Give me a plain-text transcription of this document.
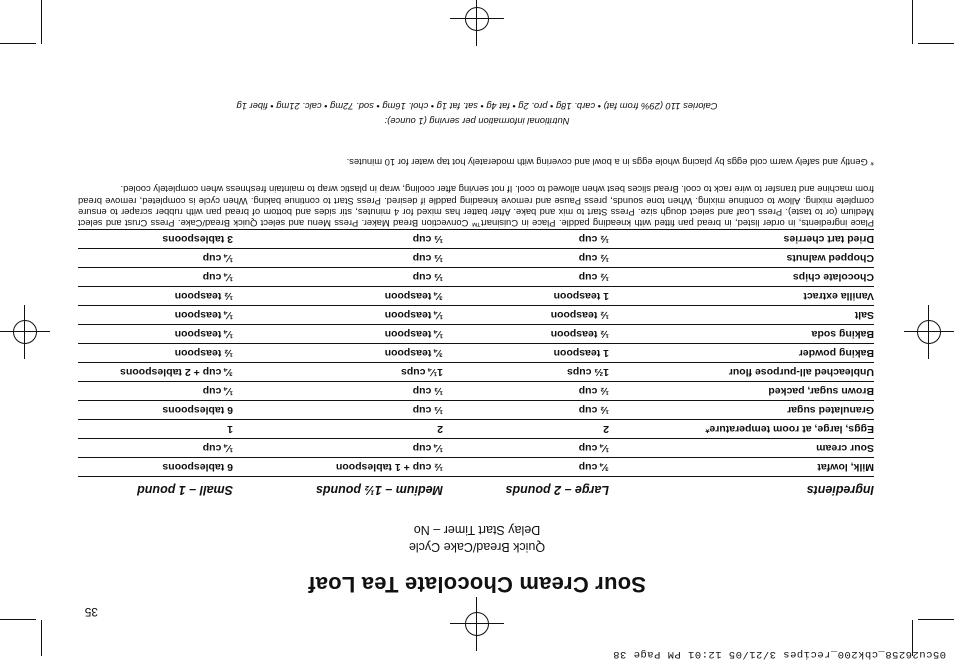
05cu26258_cbk200_recipes 3/21/05 12:01 PM Page 38
35
Sour Cream Chocolate Tea Loaf
Quick Bread/Cake Cycle
Delay Start Timer – No
Ingredients
Large – 2 pounds
Medium – 1½ pounds
Small – 1 pound
Milk, lowfat
¾ cup
½ cup + 1 tablespoon
6 tablespoons
Sour cream
¼ cup
¼ cup
¼ cup
Eggs, large, at room temperature*
2
2
1
Granulated sugar
½ cup
⅓ cup
6 tablespoons
Brown sugar, packed
½ cup
⅓ cup
¼ cup
Unbleached all-purpose flour
1⅔ cups
1¼ cups
¾ cup + 2 tablespoons
Baking powder
1 teaspoon
¾ teaspoon
½ teaspoon
Baking soda
½ teaspoon
¼ teaspoon
¼ teaspoon
Salt
½ teaspoon
¼ teaspoon
¼ teaspoon
Vanilla extract
1 teaspoon
¾ teaspoon
½ teaspoon
Chocolate chips
½ cup
⅓ cup
¼ cup
Chopped walnuts
½ cup
⅓ cup
¼ cup
Dried tart cherries
½ cup
⅓ cup
3 tablespoons
Place ingredients, in order listed, in bread pan fitted with kneading paddle. Place in Cuisinart™ Convection Bread Maker. Press Menu and select Quick Bread/Cake. Press Crust and select Medium (or to taste). Press Loaf and select dough size. Press Start to mix and bake. After batter has mixed for 4 minutes, stir sides and bottom of bread pan with rubber scraper to ensure complete mixing. Allow to continue mixing. When tone sounds, press Pause and remove kneading paddle if desired. Press Start to continue baking. When cycle is completed, remove bread from machine and transfer to wire rack to cool. Bread slices best when allowed to cool. If not serving after cooling, wrap in plastic wrap to maintain freshness when completely cooled.
* Gently and safely warm cold eggs by placing whole eggs in a bowl and covering with moderately hot tap water for 10 minutes.
Nutritional information per serving (1 ounce):
Calories 110 (29% from fat) • carb. 18g • pro. 2g • fat 4g • sat. fat 1g • chol. 16mg • sod. 72mg • calc. 21mg • fiber 1g
